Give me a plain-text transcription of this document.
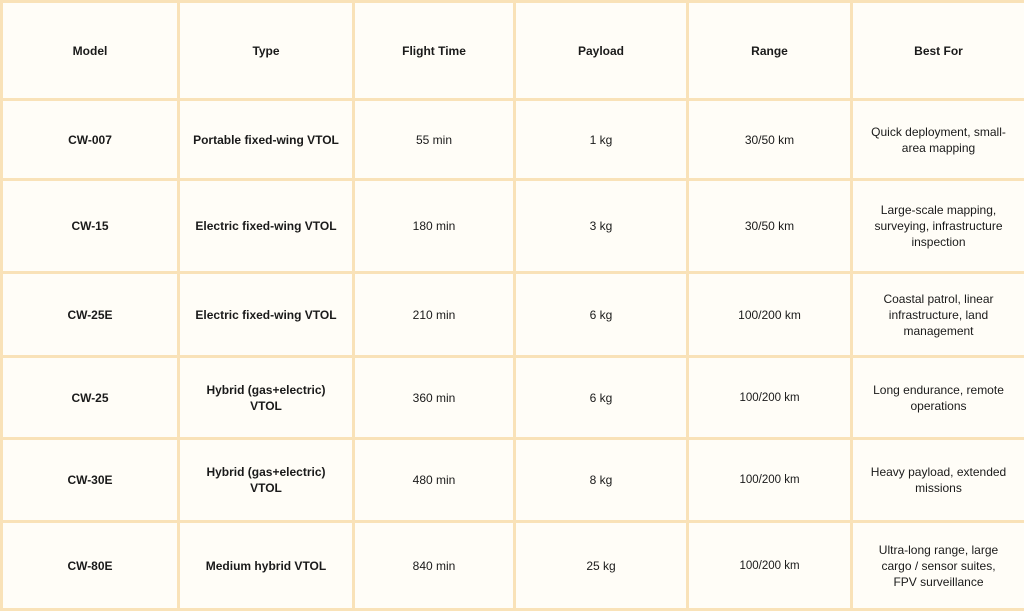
Model	Type	Flight Time	Payload	Range	Best For
CW-007	Portable fixed-wing VTOL	55 min	1 kg	30/50 km	Quick deployment, small-area mapping
CW-15	Electric fixed-wing VTOL	180 min	3 kg	30/50 km	Large-scale mapping, surveying, infrastructure inspection
CW-25E	Electric fixed-wing VTOL	210 min	6 kg	100/200 km	Coastal patrol, linear infrastructure, land management
CW-25	Hybrid (gas+electric) VTOL	360 min	6 kg	100/200 km	Long endurance, remote operations
CW-30E	Hybrid (gas+electric) VTOL	480 min	8 kg	100/200 km	Heavy payload, extended missions
CW-80E	Medium hybrid VTOL	840 min	25 kg	100/200 km	Ultra-long range, large cargo / sensor suites, FPV surveillance
